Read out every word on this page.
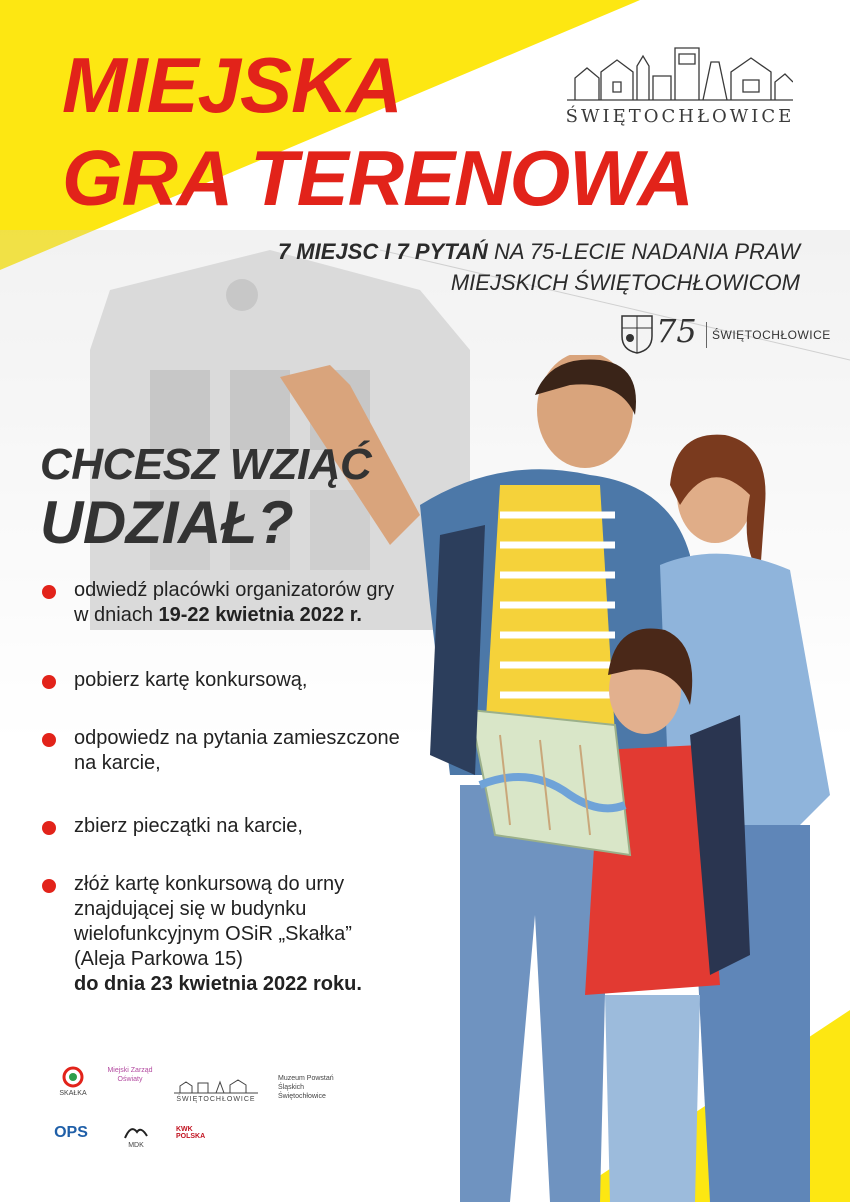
MIEJSKA
GRA TERENOWA
ŚWIĘTOCHŁOWICE
7 MIEJSC I 7 PYTAŃ NA 75-LECIE NADANIA PRAW
MIEJSKICH ŚWIĘTOCHŁOWICOM
75 ŚWIĘTOCHŁOWICE
CHCESZ WZIĄĆ
UDZIAŁ?
odwiedź placówki organizatorów gry
w dniach 19-22 kwietnia 2022 r.
pobierz kartę konkursową,
odpowiedz na pytania zamieszczone
na karcie,
zbierz pieczątki na karcie,
złóż kartę konkursową do urny
znajdującej się w budynku
wielofunkcyjnym OSiR „Skałka”
(Aleja Parkowa 15)
do dnia 23 kwietnia 2022 roku.
SKAŁKA
Miejski Zarząd Oświaty
ŚWIĘTOCHŁOWICE
Muzeum Powstań Śląskich Świętochłowice
OPS
MDK
KWK POLSKA
